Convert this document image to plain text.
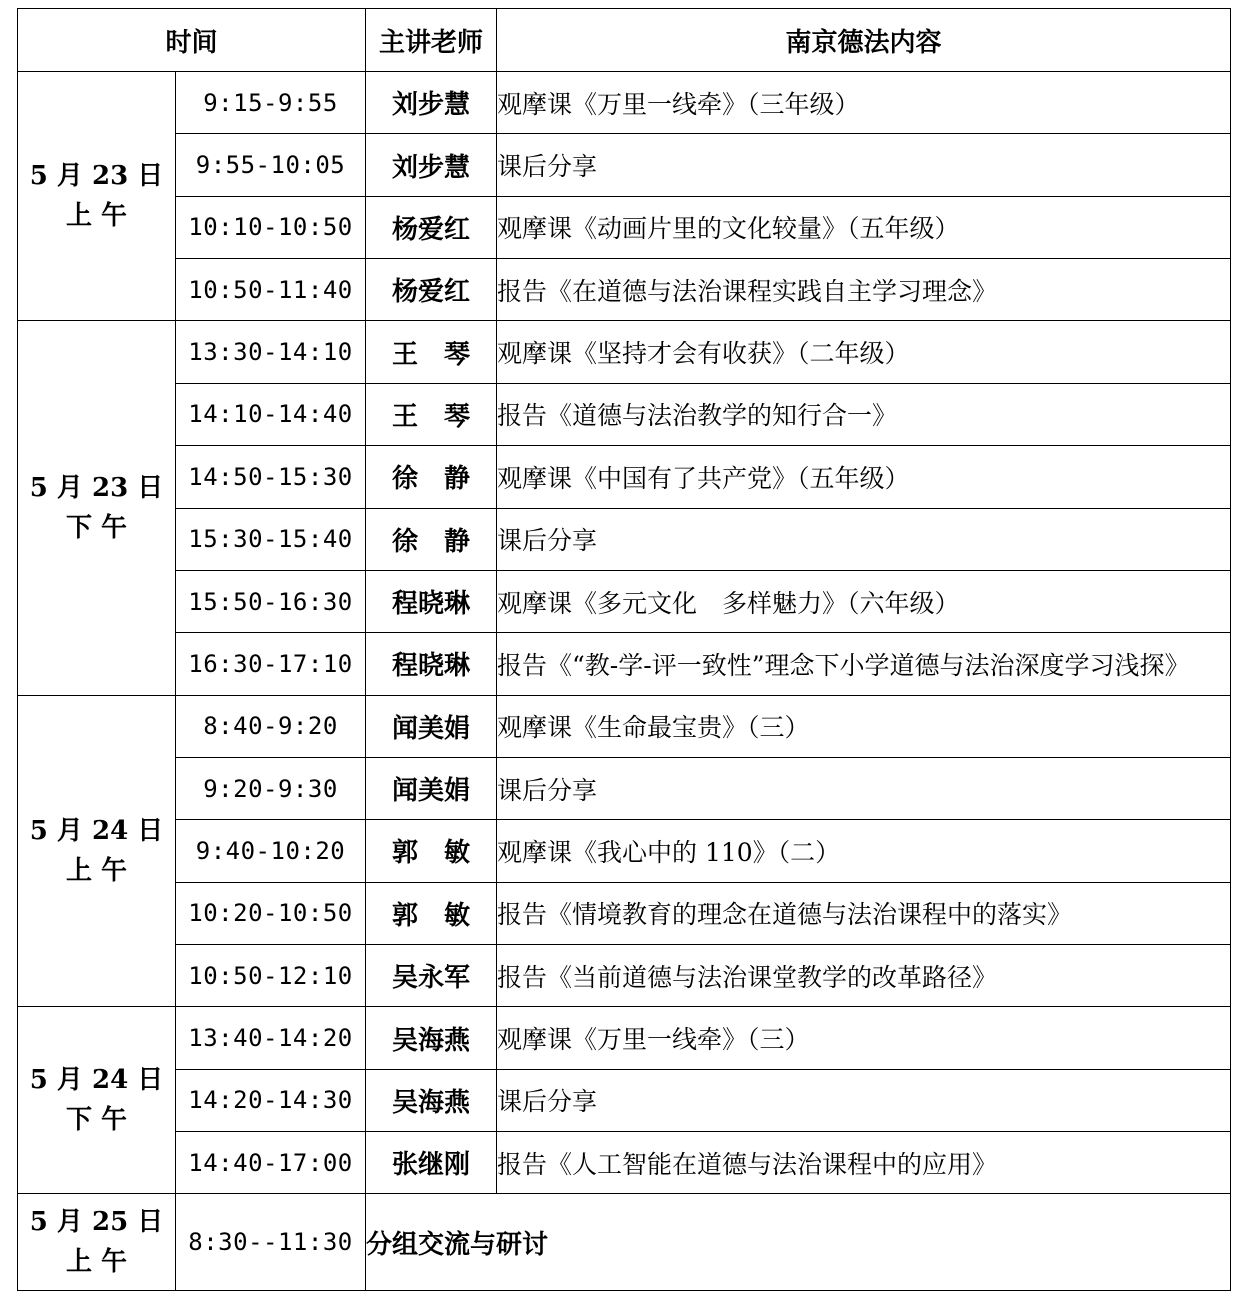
时间		主讲老师	南京德法内容

5 月 23 日
上 午	9:15-9:55	刘步慧	观摩课《万里一线牵》（三年级）
	9:55-10:05	刘步慧	课后分享
	10:10-10:50	杨爱红	观摩课《动画片里的文化较量》（五年级）
	10:50-11:40	杨爱红	报告《在道德与法治课程实践自主学习理念》

5 月 23 日
下 午	13:30-14:10	王　琴	观摩课《坚持才会有收获》（二年级）
	14:10-14:40	王　琴	报告《道德与法治教学的知行合一》
	14:50-15:30	徐　静	观摩课《中国有了共产党》（五年级）
	15:30-15:40	徐　静	课后分享
	15:50-16:30	程晓琳	观摩课《多元文化　多样魅力》（六年级）
	16:30-17:10	程晓琳	报告《“教-学-评一致性”理念下小学道德与法治深度学习浅探》

5 月 24 日
上 午	8:40-9:20	闻美娟	观摩课《生命最宝贵》（三）
	9:20-9:30	闻美娟	课后分享
	9:40-10:20	郭　敏	观摩课《我心中的 110》（二）
	10:20-10:50	郭　敏	报告《情境教育的理念在道德与法治课程中的落实》
	10:50-12:10	吴永军	报告《当前道德与法治课堂教学的改革路径》

5 月 24 日
下 午	13:40-14:20	吴海燕	观摩课《万里一线牵》（三）
	14:20-14:30	吴海燕	课后分享
	14:40-17:00	张继刚	报告《人工智能在道德与法治课程中的应用》

5 月 25 日
上 午	8:30--11:30	分组交流与研讨	
